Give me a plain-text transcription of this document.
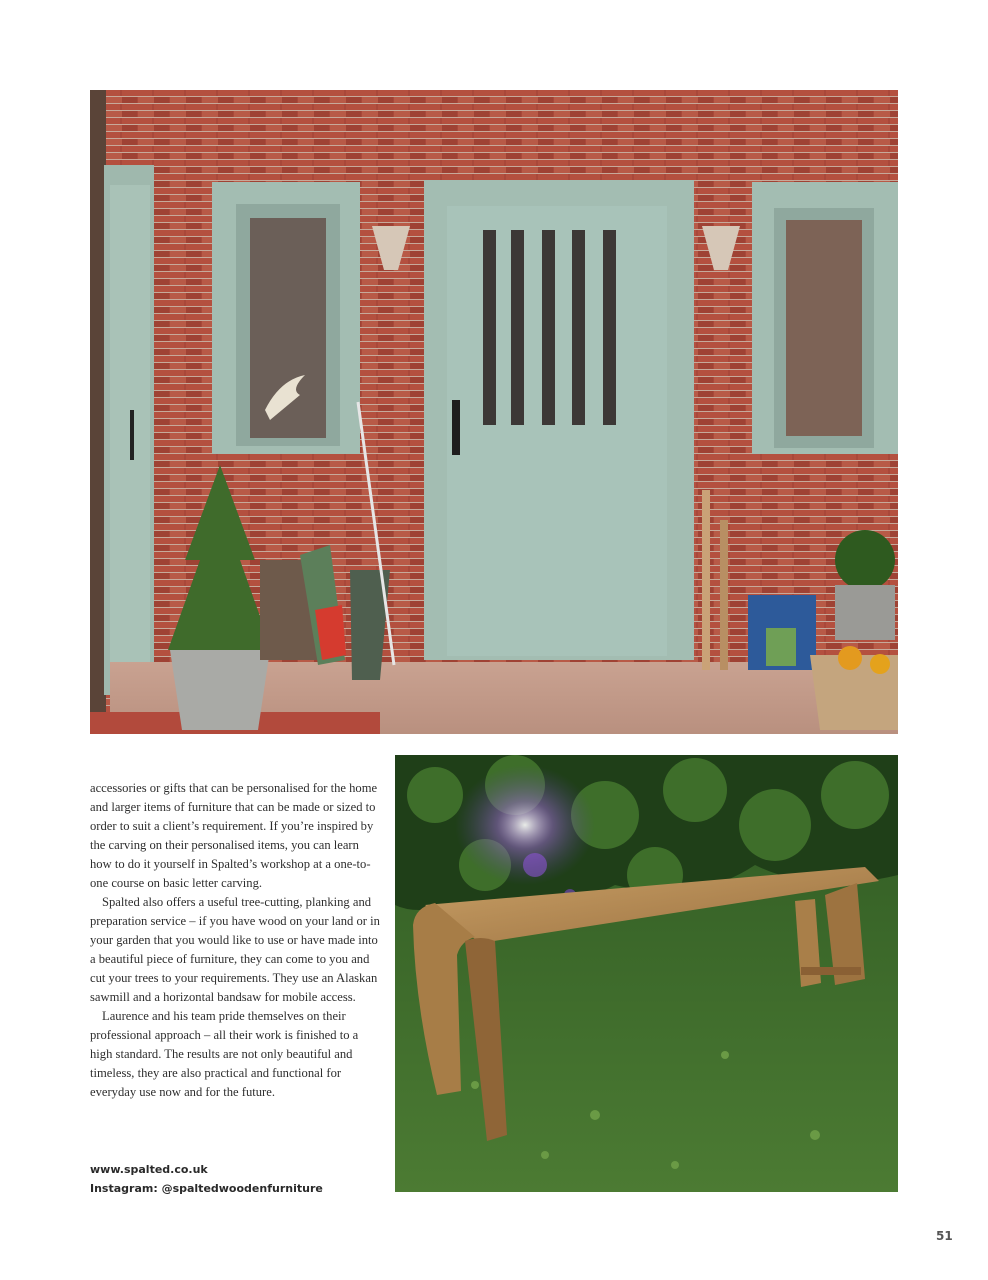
accessories or gifts that can be personalised for the home and larger items of furniture that can be made or sized to order to suit a client’s requirement. If you’re inspired by the carving on their personalised items, you can learn how to do it yourself in Spalted’s workshop at a one-to-one course on basic letter carving.

Spalted also offers a useful tree-cutting, planking and preparation service – if you have wood on your land or in your garden that you would like to use or have made into a beautiful piece of furniture, they can come to you and cut your trees to your requirements. They use an Alaskan sawmill and a horizontal bandsaw for mobile access.

Laurence and his team pride themselves on their professional approach – all their work is finished to a high standard. The results are not only beautiful and timeless, they are also practical and functional for everyday use now and for the future.

www.spalted.co.uk
Instagram: @spaltedwoodenfurniture
51
